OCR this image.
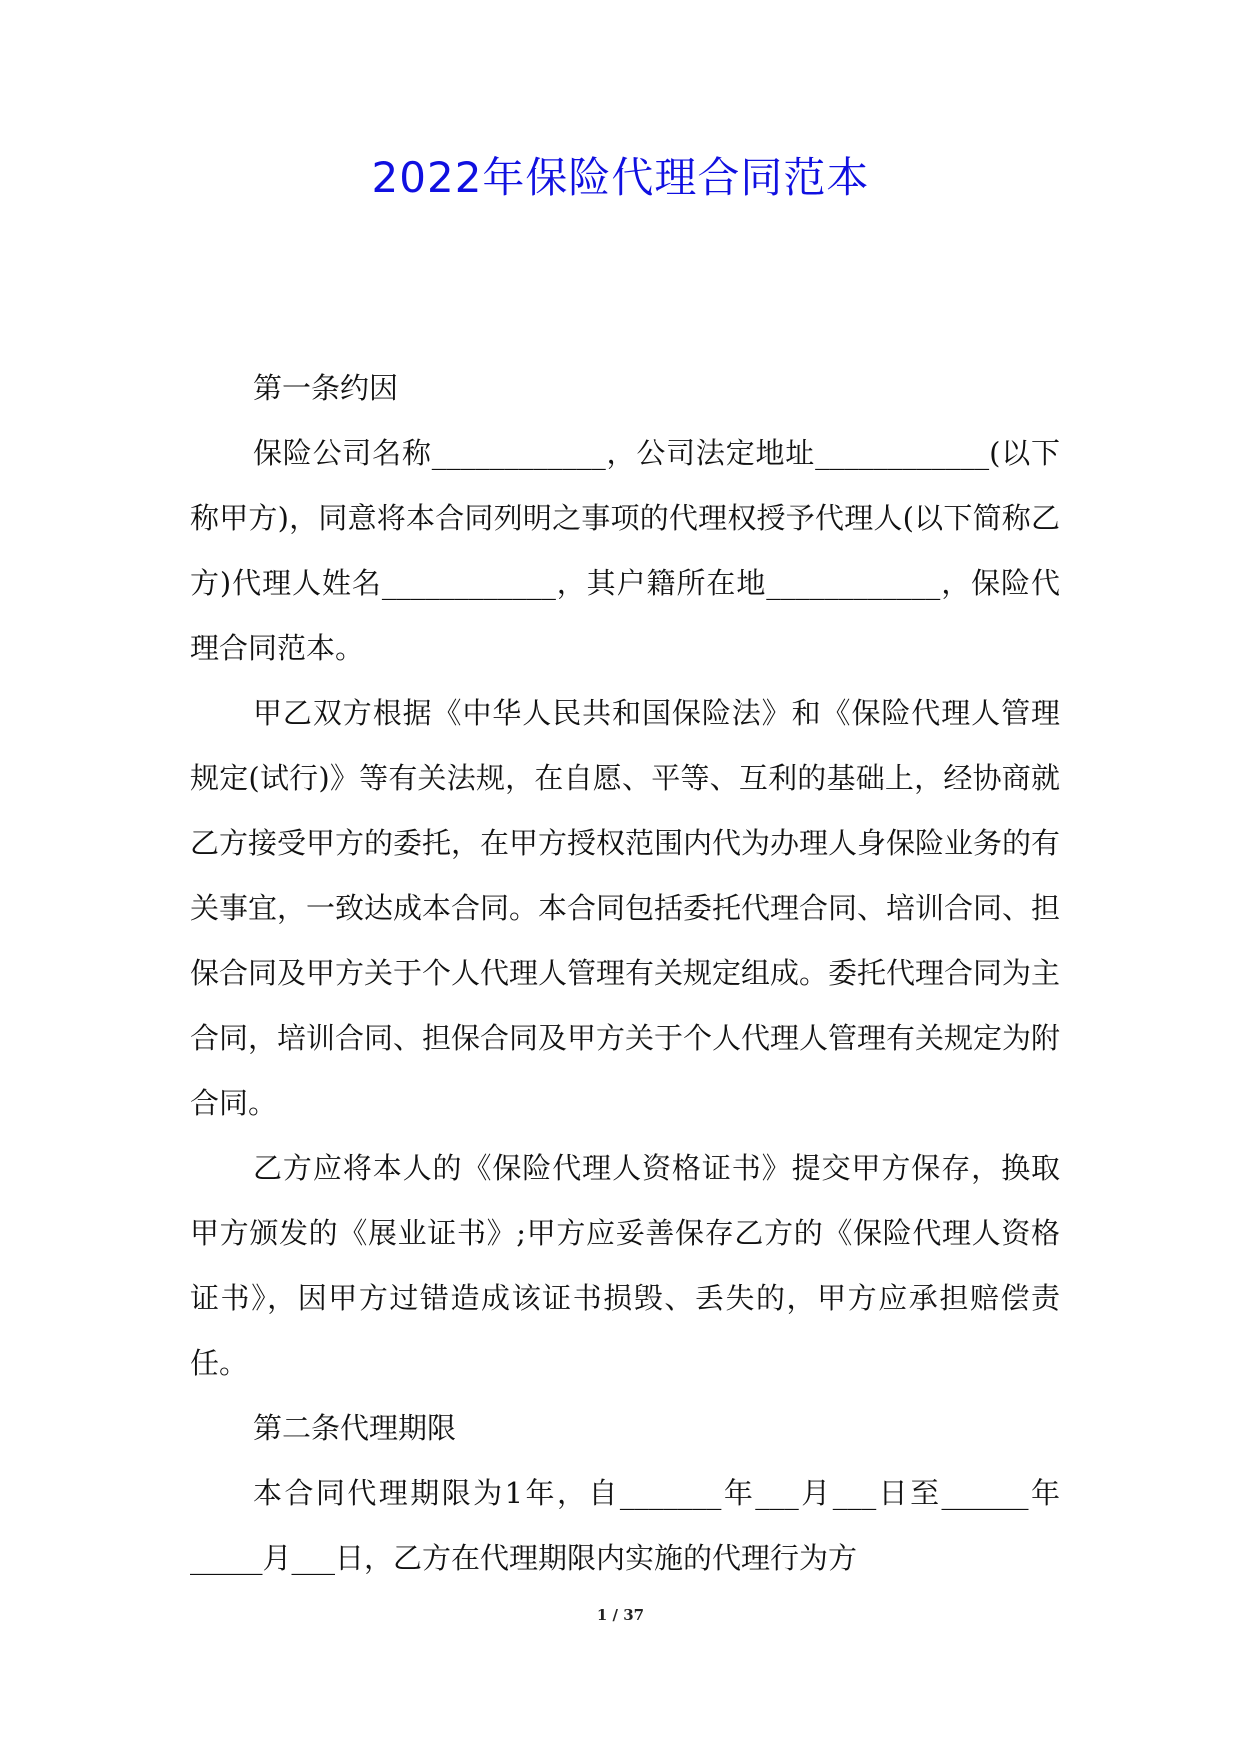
2022年保险代理合同范本

第一条约因

保险公司名称____________，公司法定地址____________(以下称甲方)，同意将本合同列明之事项的代理权授予代理人(以下简称乙方)代理人姓名____________，其户籍所在地____________，保险代理合同范本。

甲乙双方根据《中华人民共和国保险法》和《保险代理人管理规定(试行)》等有关法规，在自愿、平等、互利的基础上，经协商就乙方接受甲方的委托，在甲方授权范围内代为办理人身保险业务的有关事宜，一致达成本合同。本合同包括委托代理合同、培训合同、担保合同及甲方关于个人代理人管理有关规定组成。委托代理合同为主合同，培训合同、担保合同及甲方关于个人代理人管理有关规定为附合同。

乙方应将本人的《保险代理人资格证书》提交甲方保存，换取甲方颁发的《展业证书》;甲方应妥善保存乙方的《保险代理人资格证书》，因甲方过错造成该证书损毁、丢失的，甲方应承担赔偿责任。

第二条代理期限

本合同代理期限为1年，自_______年___月___日至______年_____月___日，乙方在代理期限内实施的代理行为方

1 / 37
